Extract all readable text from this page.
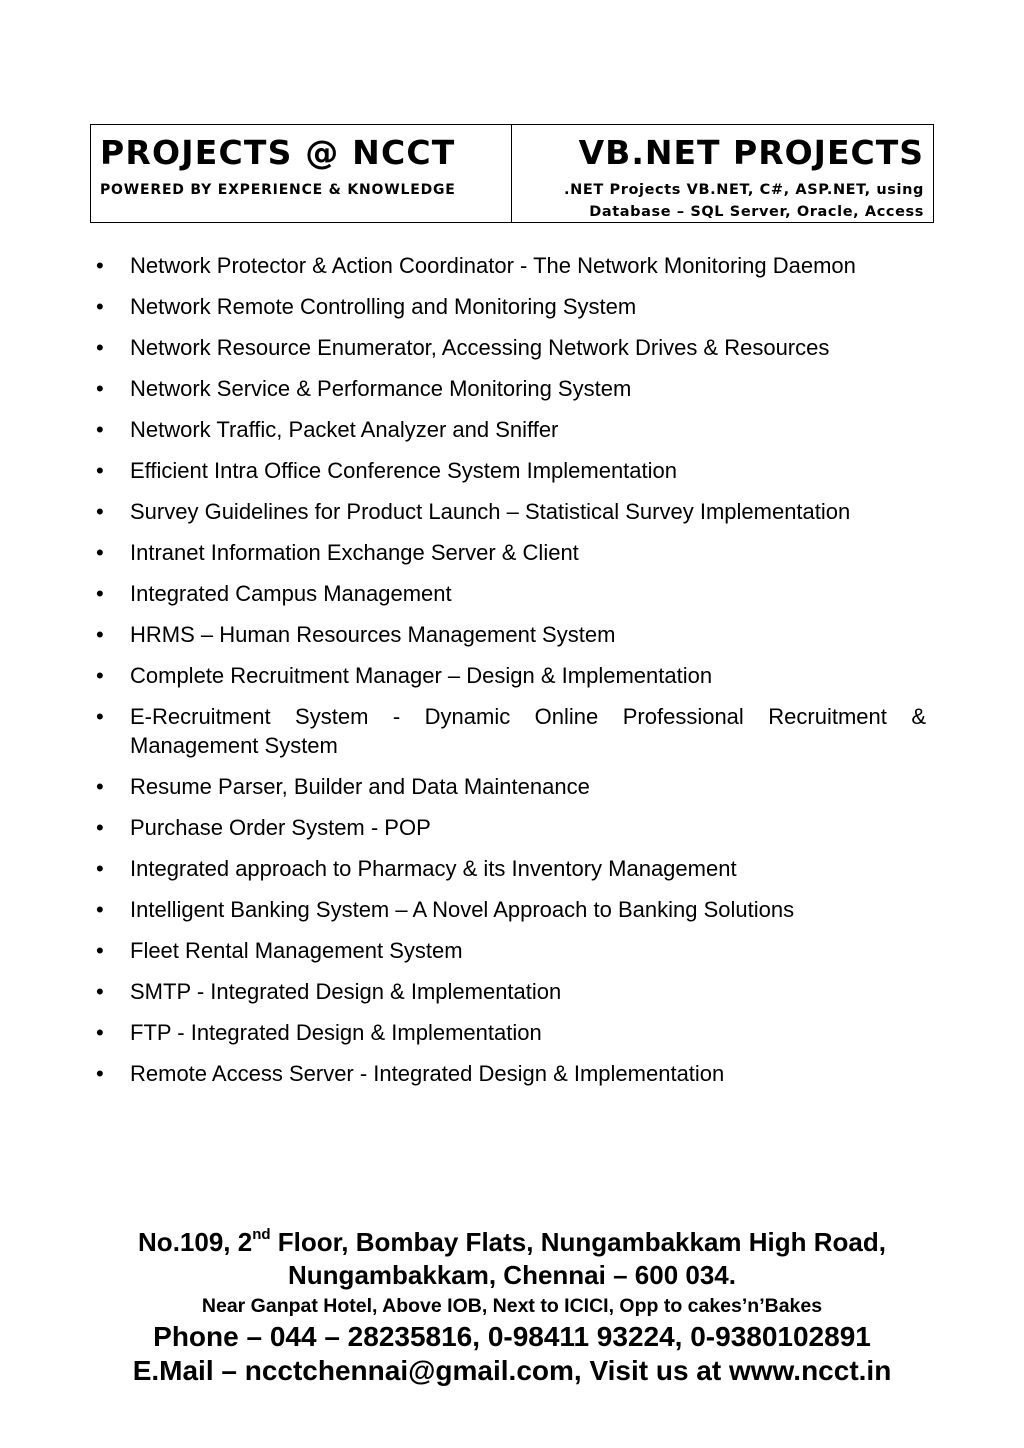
PROJECTS @ NCCT
POWERED BY EXPERIENCE & KNOWLEDGE
VB.NET PROJECTS
.NET Projects VB.NET, C#, ASP.NET, using
Database – SQL Server, Oracle, Access
•	Network Protector & Action Coordinator - The Network Monitoring Daemon
•	Network Remote Controlling and Monitoring System
•	Network Resource Enumerator, Accessing Network Drives & Resources
•	Network Service & Performance Monitoring System
•	Network Traffic, Packet Analyzer and Sniffer
•	Efficient Intra Office Conference System Implementation
•	Survey Guidelines for Product Launch – Statistical Survey Implementation
•	Intranet Information Exchange Server & Client
•	Integrated Campus Management
•	HRMS – Human Resources Management System
•	Complete Recruitment Manager – Design & Implementation
•	E-Recruitment System - Dynamic Online Professional Recruitment & Management System
•	Resume Parser, Builder and Data Maintenance
•	Purchase Order System - POP
•	Integrated approach to Pharmacy & its Inventory Management
•	Intelligent Banking System – A Novel Approach to Banking Solutions
•	Fleet Rental Management System
•	SMTP - Integrated Design & Implementation
•	FTP - Integrated Design & Implementation
•	Remote Access Server - Integrated Design & Implementation
No.109, 2nd Floor, Bombay Flats, Nungambakkam High Road,
Nungambakkam, Chennai – 600 034.
Near Ganpat Hotel, Above IOB, Next to ICICI, Opp to cakes’n’Bakes
Phone – 044 – 28235816, 0-98411 93224, 0-9380102891
E.Mail – ncctchennai@gmail.com, Visit us at www.ncct.in
